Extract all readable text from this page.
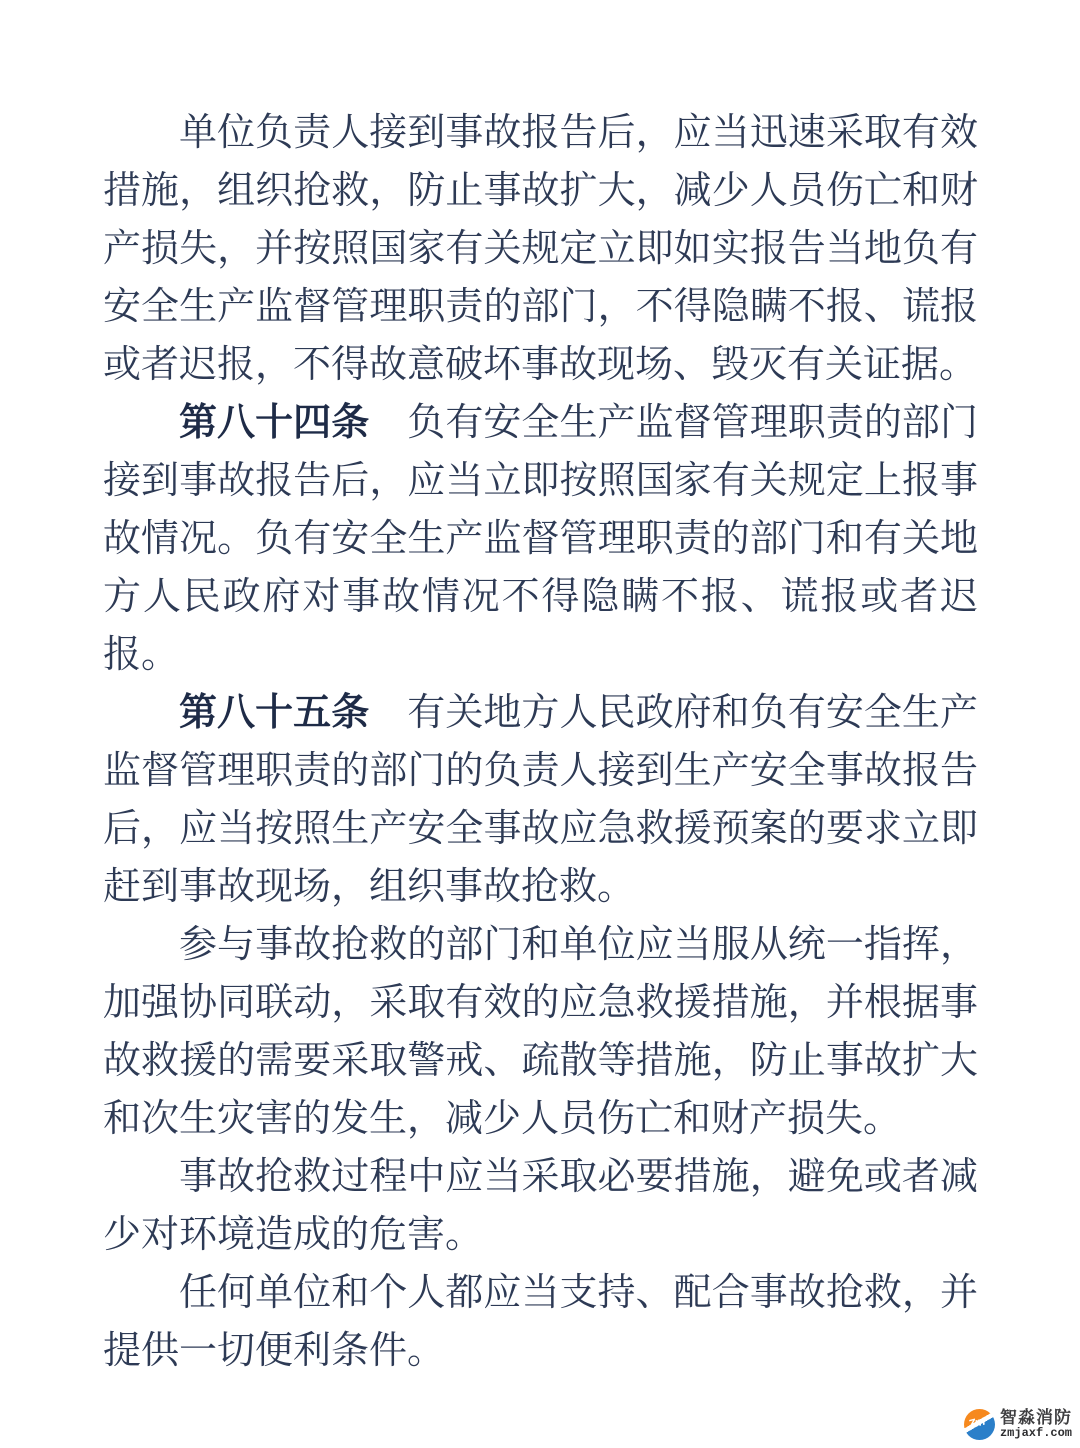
单位负责人接到事故报告后，应当迅速采取有效措施，组织抢救，防止事故扩大，减少人员伤亡和财产损失，并按照国家有关规定立即如实报告当地负有安全生产监督管理职责的部门，不得隐瞒不报、谎报或者迟报，不得故意破坏事故现场、毁灭有关证据。

第八十四条 负有安全生产监督管理职责的部门接到事故报告后，应当立即按照国家有关规定上报事故情况。负有安全生产监督管理职责的部门和有关地方人民政府对事故情况不得隐瞒不报、谎报或者迟报。

第八十五条 有关地方人民政府和负有安全生产监督管理职责的部门的负责人接到生产安全事故报告后，应当按照生产安全事故应急救援预案的要求立即赶到事故现场，组织事故抢救。

参与事故抢救的部门和单位应当服从统一指挥，加强协同联动，采取有效的应急救援措施，并根据事故救援的需要采取警戒、疏散等措施，防止事故扩大和次生灾害的发生，减少人员伤亡和财产损失。

事故抢救过程中应当采取必要措施，避免或者减少对环境造成的危害。

任何单位和个人都应当支持、配合事故抢救，并提供一切便利条件。

Zm 智淼消防
zmjaxf.com
